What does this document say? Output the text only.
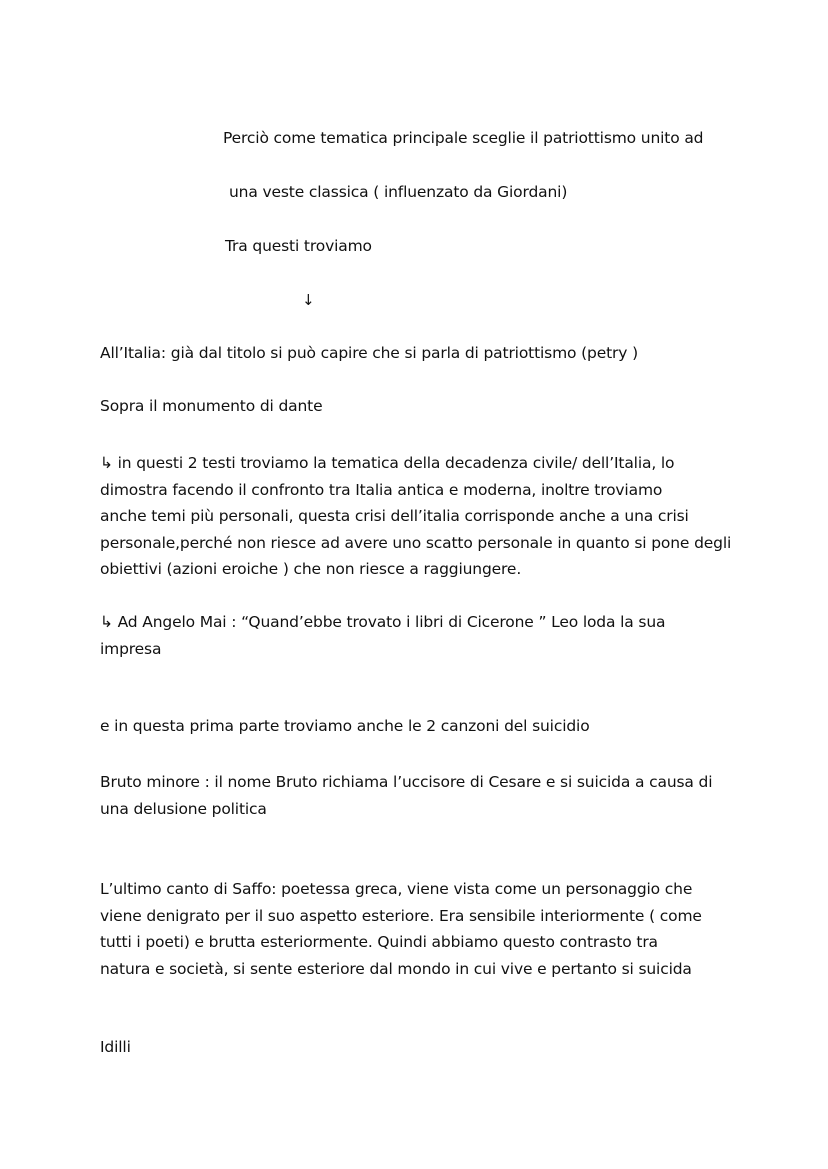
Perciò come tematica principale sceglie il patriottismo unito ad
una veste classica ( influenzato da Giordani)
Tra questi troviamo
↓
All’Italia: già dal titolo si può capire che si parla di patriottismo (petry )
Sopra il monumento di dante
↳ in questi 2 testi troviamo la tematica della decadenza civile/ dell’Italia, lo
dimostra facendo il confronto tra Italia antica e moderna, inoltre troviamo
anche temi più personali, questa crisi dell’italia corrisponde anche a una crisi
personale,perché non riesce ad avere uno scatto personale in quanto si pone degli
obiettivi (azioni eroiche ) che non riesce a raggiungere.
↳ Ad Angelo Mai : “Quand’ebbe trovato i libri di Cicerone ” Leo loda la sua
impresa
e in questa prima parte troviamo anche le 2 canzoni del suicidio
Bruto minore : il nome Bruto richiama l’uccisore di Cesare e si suicida a causa di
una delusione politica
L’ultimo canto di Saffo: poetessa greca, viene vista come un personaggio che
viene denigrato per il suo aspetto esteriore. Era sensibile interiormente ( come
tutti i poeti) e brutta esteriormente. Quindi abbiamo questo contrasto tra
natura e società, si sente esteriore dal mondo in cui vive e pertanto si suicida
Idilli
